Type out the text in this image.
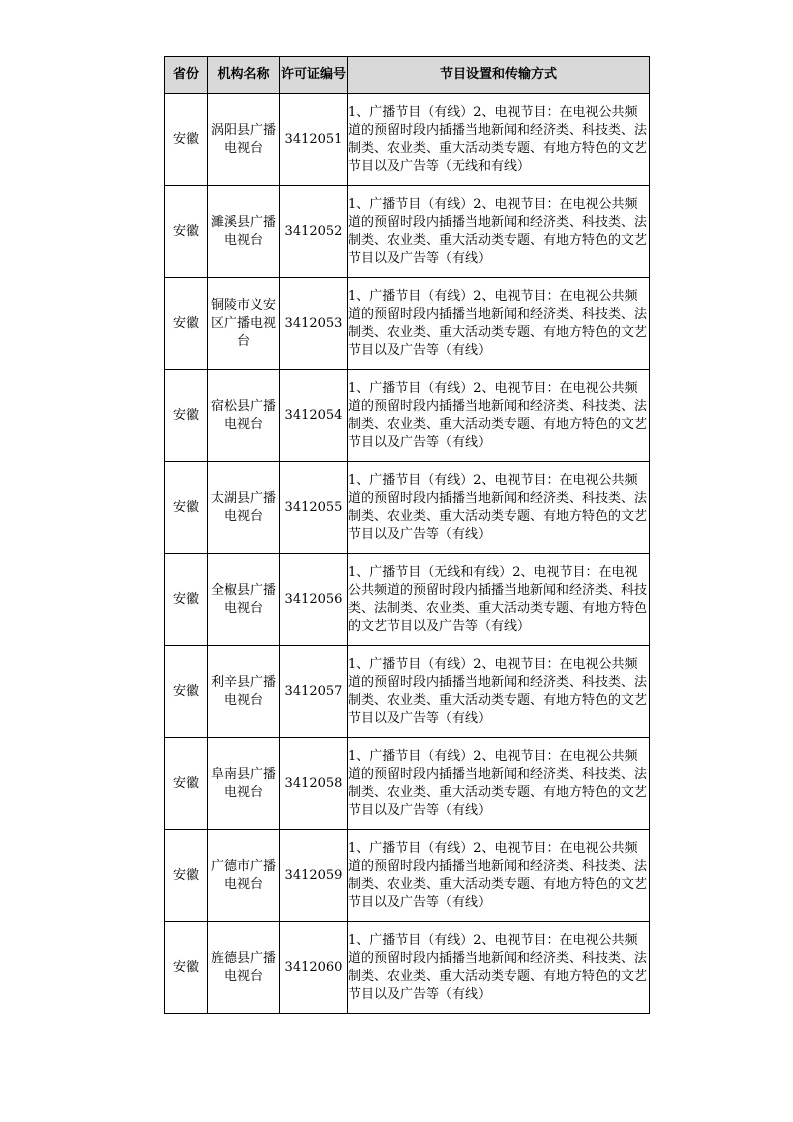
省份	机构名称	许可证编号	节目设置和传输方式
安徽	涡阳县广播电视台	3412051	1、广播节目（有线）2、电视节目：在电视公共频道的预留时段内插播当地新闻和经济类、科技类、法制类、农业类、重大活动类专题、有地方特色的文艺节目以及广告等（无线和有线）
安徽	濉溪县广播电视台	3412052	1、广播节目（有线）2、电视节目：在电视公共频道的预留时段内插播当地新闻和经济类、科技类、法制类、农业类、重大活动类专题、有地方特色的文艺节目以及广告等（有线）
安徽	铜陵市义安区广播电视台	3412053	1、广播节目（有线）2、电视节目：在电视公共频道的预留时段内插播当地新闻和经济类、科技类、法制类、农业类、重大活动类专题、有地方特色的文艺节目以及广告等（有线）
安徽	宿松县广播电视台	3412054	1、广播节目（有线）2、电视节目：在电视公共频道的预留时段内插播当地新闻和经济类、科技类、法制类、农业类、重大活动类专题、有地方特色的文艺节目以及广告等（有线）
安徽	太湖县广播电视台	3412055	1、广播节目（有线）2、电视节目：在电视公共频道的预留时段内插播当地新闻和经济类、科技类、法制类、农业类、重大活动类专题、有地方特色的文艺节目以及广告等（有线）
安徽	全椒县广播电视台	3412056	1、广播节目（无线和有线）2、电视节目：在电视公共频道的预留时段内插播当地新闻和经济类、科技类、法制类、农业类、重大活动类专题、有地方特色的文艺节目以及广告等（有线）
安徽	利辛县广播电视台	3412057	1、广播节目（有线）2、电视节目：在电视公共频道的预留时段内插播当地新闻和经济类、科技类、法制类、农业类、重大活动类专题、有地方特色的文艺节目以及广告等（有线）
安徽	阜南县广播电视台	3412058	1、广播节目（有线）2、电视节目：在电视公共频道的预留时段内插播当地新闻和经济类、科技类、法制类、农业类、重大活动类专题、有地方特色的文艺节目以及广告等（有线）
安徽	广德市广播电视台	3412059	1、广播节目（有线）2、电视节目：在电视公共频道的预留时段内插播当地新闻和经济类、科技类、法制类、农业类、重大活动类专题、有地方特色的文艺节目以及广告等（有线）
安徽	旌德县广播电视台	3412060	1、广播节目（有线）2、电视节目：在电视公共频道的预留时段内插播当地新闻和经济类、科技类、法制类、农业类、重大活动类专题、有地方特色的文艺节目以及广告等（有线）
